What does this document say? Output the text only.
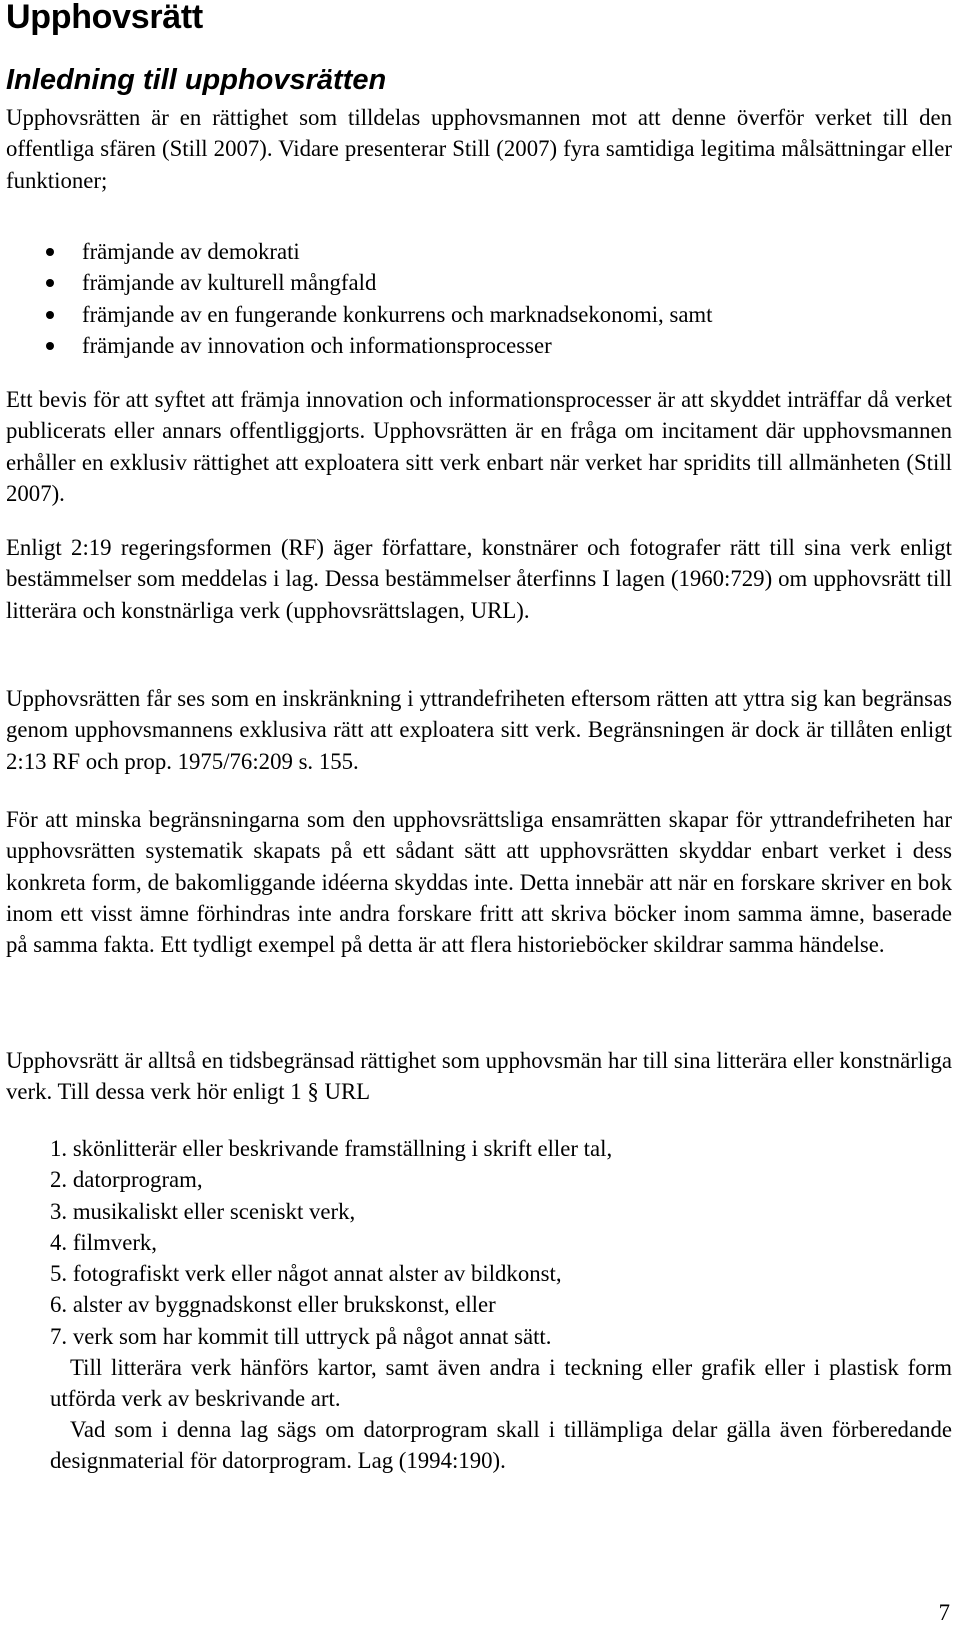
Upphovsrätt
Inledning till upphovsrätten

Upphovsrätten är en rättighet som tilldelas upphovsmannen mot att denne överför verket till den offentliga sfären (Still 2007). Vidare presenterar Still (2007) fyra samtidiga legitima målsättningar eller funktioner;

främjande av demokrati
främjande av kulturell mångfald
främjande av en fungerande konkurrens och marknadsekonomi, samt
främjande av innovation och informationsprocesser

Ett bevis för att syftet att främja innovation och informationsprocesser är att skyddet inträffar då verket publicerats eller annars offentliggjorts. Upphovsrätten är en fråga om incitament där upphovsmannen erhåller en exklusiv rättighet att exploatera sitt verk enbart när verket har spridits till allmänheten (Still 2007).

Enligt 2:19 regeringsformen (RF) äger författare, konstnärer och fotografer rätt till sina verk enligt bestämmelser som meddelas i lag. Dessa bestämmelser återfinns I lagen (1960:729) om upphovsrätt till litterära och konstnärliga verk (upphovsrättslagen, URL).

Upphovsrätten får ses som en inskränkning i yttrandefriheten eftersom rätten att yttra sig kan begränsas genom upphovsmannens exklusiva rätt att exploatera sitt verk. Begränsningen är dock är tillåten enligt 2:13 RF och prop. 1975/76:209 s. 155.

För att minska begränsningarna som den upphovsrättsliga ensamrätten skapar för yttrandefriheten har upphovsrätten systematik skapats på ett sådant sätt att upphovsrätten skyddar enbart verket i dess konkreta form, de bakomliggande idéerna skyddas inte. Detta innebär att när en forskare skriver en bok inom ett visst ämne förhindras inte andra forskare fritt att skriva böcker inom samma ämne, baserade på samma fakta. Ett tydligt exempel på detta är att flera historieböcker skildrar samma händelse.

Upphovsrätt är alltså en tidsbegränsad rättighet som upphovsmän har till sina litterära eller konstnärliga verk. Till dessa verk hör enligt 1 § URL

1. skönlitterär eller beskrivande framställning i skrift eller tal,
2. datorprogram,
3. musikaliskt eller sceniskt verk,
4. filmverk,
5. fotografiskt verk eller något annat alster av bildkonst,
6. alster av byggnadskonst eller brukskonst, eller
7. verk som har kommit till uttryck på något annat sätt.

Till litterära verk hänförs kartor, samt även andra i teckning eller grafik eller i plastisk form utförda verk av beskrivande art.

Vad som i denna lag sägs om datorprogram skall i tillämpliga delar gälla även förberedande designmaterial för datorprogram. Lag (1994:190).

7
